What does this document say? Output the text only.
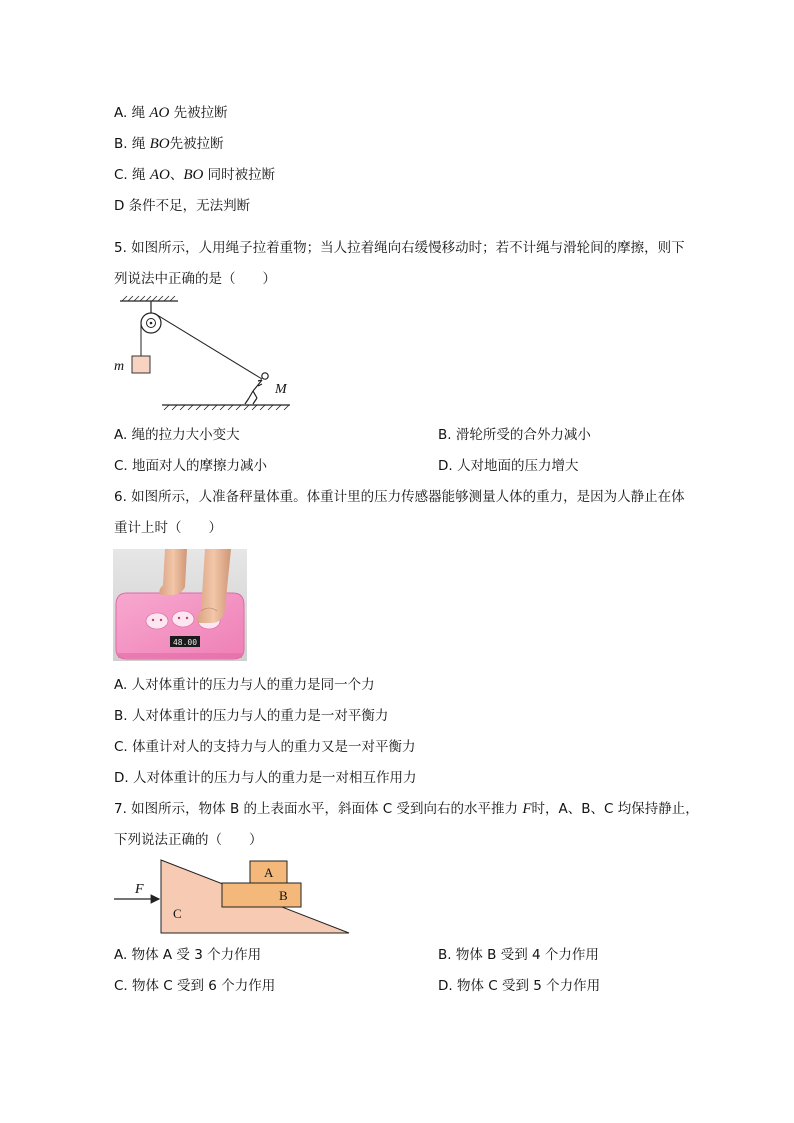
A. 绳 AO 先被拉断
B. 绳 BO先被拉断
C. 绳 AO、BO 同时被拉断
D 条件不足，无法判断
5. 如图所示，人用绳子拉着重物；当人拉着绳向右缓慢移动时；若不计绳与滑轮间的摩擦，则下
列说法中正确的是（　　）
m
M
A. 绳的拉力大小变大	B. 滑轮所受的合外力减小
C. 地面对人的摩擦力减小	D. 人对地面的压力增大
6. 如图所示，人准备秤量体重。体重计里的压力传感器能够测量人体的重力，是因为人静止在体
重计上时（　　）
48.00
A. 人对体重计的压力与人的重力是同一个力
B. 人对体重计的压力与人的重力是一对平衡力
C. 体重计对人的支持力与人的重力又是一对平衡力
D. 人对体重计的压力与人的重力是一对相互作用力
7. 如图所示，物体 B 的上表面水平，斜面体 C 受到向右的水平推力 F时，A、B、C 均保持静止，
下列说法正确的（　　）
F
A
B
C
A. 物体 A 受 3 个力作用	B. 物体 B 受到 4 个力作用
C. 物体 C 受到 6 个力作用	D. 物体 C 受到 5 个力作用
